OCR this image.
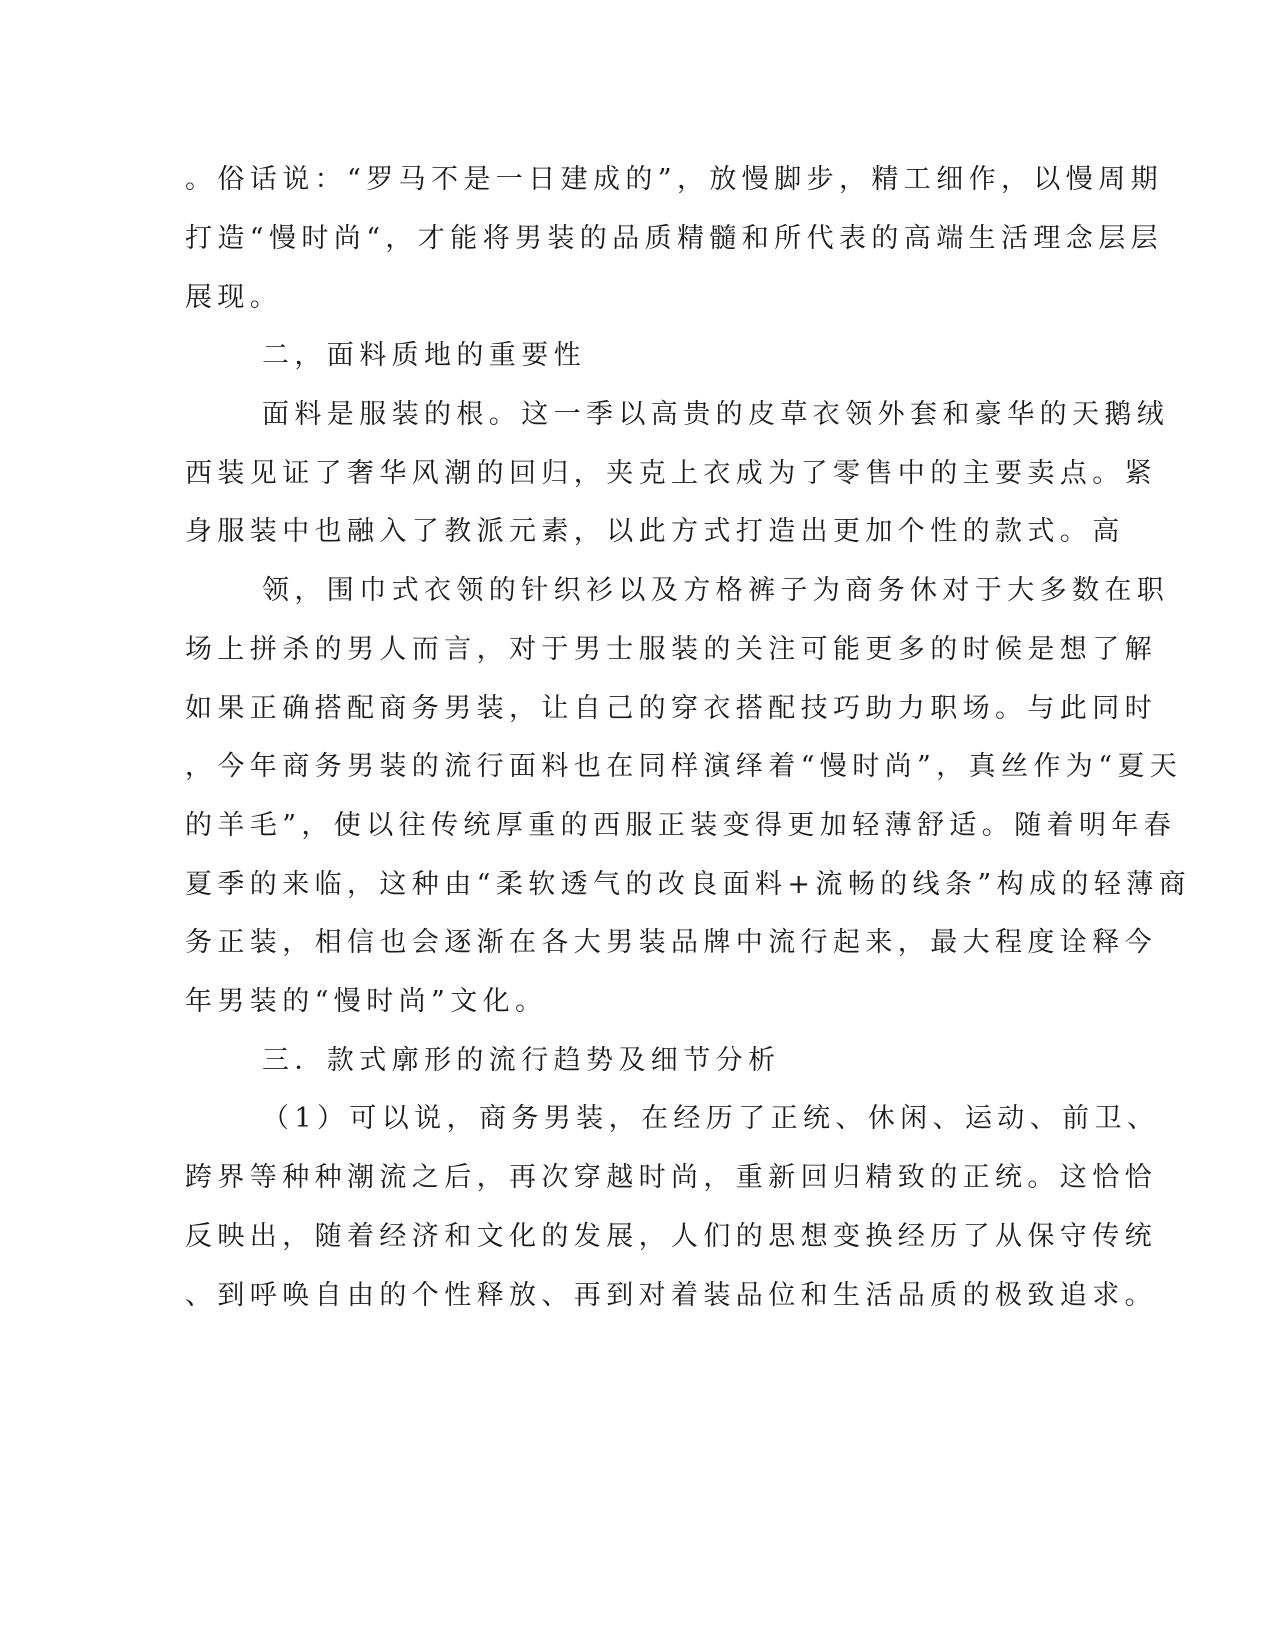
。俗话说：“罗马不是一日建成的”，放慢脚步，精工细作，以慢周期
打造“慢时尚“，才能将男装的品质精髓和所代表的高端生活理念层层
展现。
二，面料质地的重要性
面料是服装的根。这一季以高贵的皮草衣领外套和豪华的天鹅绒
西装见证了奢华风潮的回归，夹克上衣成为了零售中的主要卖点。紧
身服装中也融入了教派元素，以此方式打造出更加个性的款式。高
领，围巾式衣领的针织衫以及方格裤子为商务休对于大多数在职
场上拼杀的男人而言，对于男士服装的关注可能更多的时候是想了解
如果正确搭配商务男装，让自己的穿衣搭配技巧助力职场。与此同时
，今年商务男装的流行面料也在同样演绎着“慢时尚”，真丝作为“夏天
的羊毛”，使以往传统厚重的西服正装变得更加轻薄舒适。随着明年春
夏季的来临，这种由“柔软透气的改良面料+流畅的线条”构成的轻薄商
务正装，相信也会逐渐在各大男装品牌中流行起来，最大程度诠释今
年男装的“慢时尚”文化。
三．款式廓形的流行趋势及细节分析
（1）可以说，商务男装，在经历了正统、休闲、运动、前卫、
跨界等种种潮流之后，再次穿越时尚，重新回归精致的正统。这恰恰
反映出，随着经济和文化的发展，人们的思想变换经历了从保守传统
、到呼唤自由的个性释放、再到对着装品位和生活品质的极致追求。
